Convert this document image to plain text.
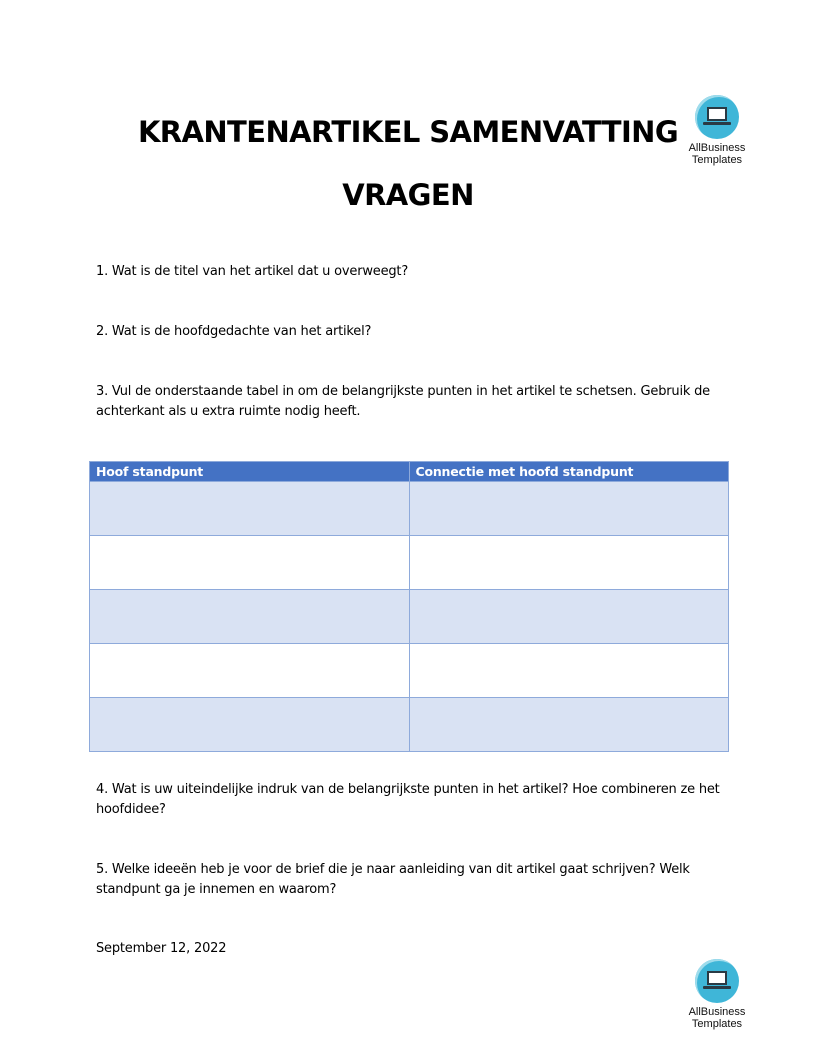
AllBusiness
Templates
KRANTENARTIKEL SAMENVATTING
VRAGEN

1. Wat is de titel van het artikel dat u overweegt?

2. Wat is de hoofdgedachte van het artikel?

3. Vul de onderstaande tabel in om de belangrijkste punten in het artikel te schetsen. Gebruik de achterkant als u extra ruimte nodig heeft.

Hoof standpunt	Connectie met hoofd standpunt

4. Wat is uw uiteindelijke indruk van de belangrijkste punten in het artikel? Hoe combineren ze het hoofdidee?

5. Welke ideeën heb je voor de brief die je naar aanleiding van dit artikel gaat schrijven? Welk standpunt ga je innemen en waarom?

September 12, 2022

AllBusiness
Templates
